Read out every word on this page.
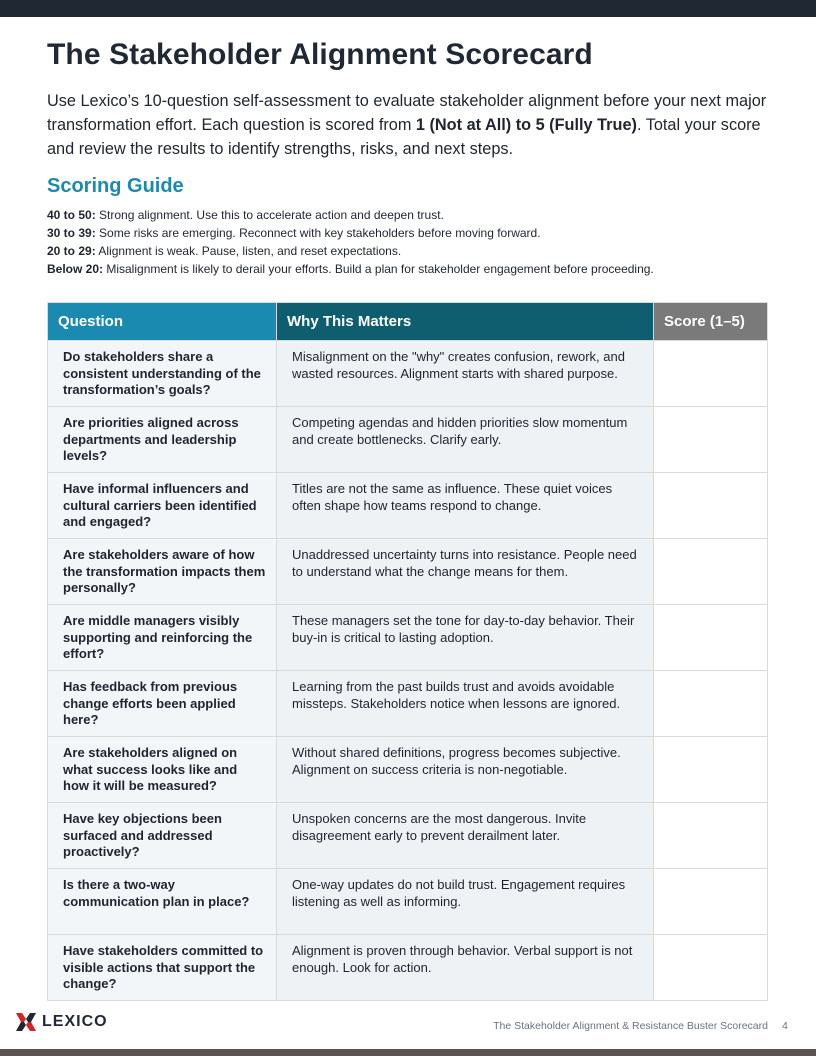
The Stakeholder Alignment Scorecard

Use Lexico’s 10-question self-assessment to evaluate stakeholder alignment before your next major transformation effort. Each question is scored from 1 (Not at All) to 5 (Fully True). Total your score and review the results to identify strengths, risks, and next steps.

Scoring Guide
40 to 50: Strong alignment. Use this to accelerate action and deepen trust.
30 to 39: Some risks are emerging. Reconnect with key stakeholders before moving forward.
20 to 29: Alignment is weak. Pause, listen, and reset expectations.
Below 20: Misalignment is likely to derail your efforts. Build a plan for stakeholder engagement before proceeding.
Question	Why This Matters	Score (1–5)
Do stakeholders share a consistent understanding of the transformation’s goals?	Misalignment on the "why" creates confusion, rework, and wasted resources. Alignment starts with shared purpose.	
Are priorities aligned across departments and leadership levels?	Competing agendas and hidden priorities slow momentum and create bottlenecks. Clarify early.	
Have informal influencers and cultural carriers been identified and engaged?	Titles are not the same as influence. These quiet voices often shape how teams respond to change.	
Are stakeholders aware of how the transformation impacts them personally?	Unaddressed uncertainty turns into resistance. People need to understand what the change means for them.	
Are middle managers visibly supporting and reinforcing the effort?	These managers set the tone for day-to-day behavior. Their buy-in is critical to lasting adoption.	
Has feedback from previous change efforts been applied here?	Learning from the past builds trust and avoids avoidable missteps. Stakeholders notice when lessons are ignored.	
Are stakeholders aligned on what success looks like and how it will be measured?	Without shared definitions, progress becomes subjective. Alignment on success criteria is non-negotiable.	
Have key objections been surfaced and addressed proactively?	Unspoken concerns are the most dangerous. Invite disagreement early to prevent derailment later.	
Is there a two-way communication plan in place?	One-way updates do not build trust. Engagement requires listening as well as informing.	
Have stakeholders committed to visible actions that support the change?	Alignment is proven through behavior. Verbal support is not enough. Look for action.	
LEXICO	The Stakeholder Alignment & Resistance Buster Scorecard 4
